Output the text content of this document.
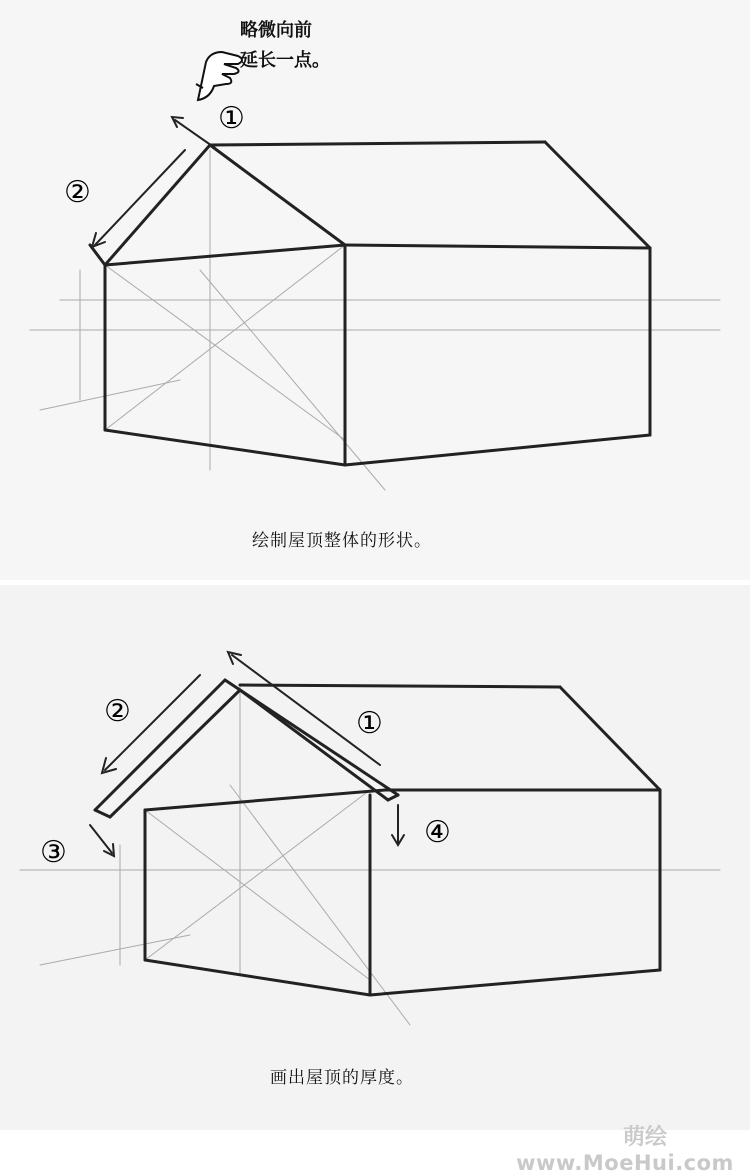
略微向前
延长一点。
①
②
绘制屋顶整体的形状。
②	①
③
④
画出屋顶的厚度。
萌绘
www.MoeHui.com
